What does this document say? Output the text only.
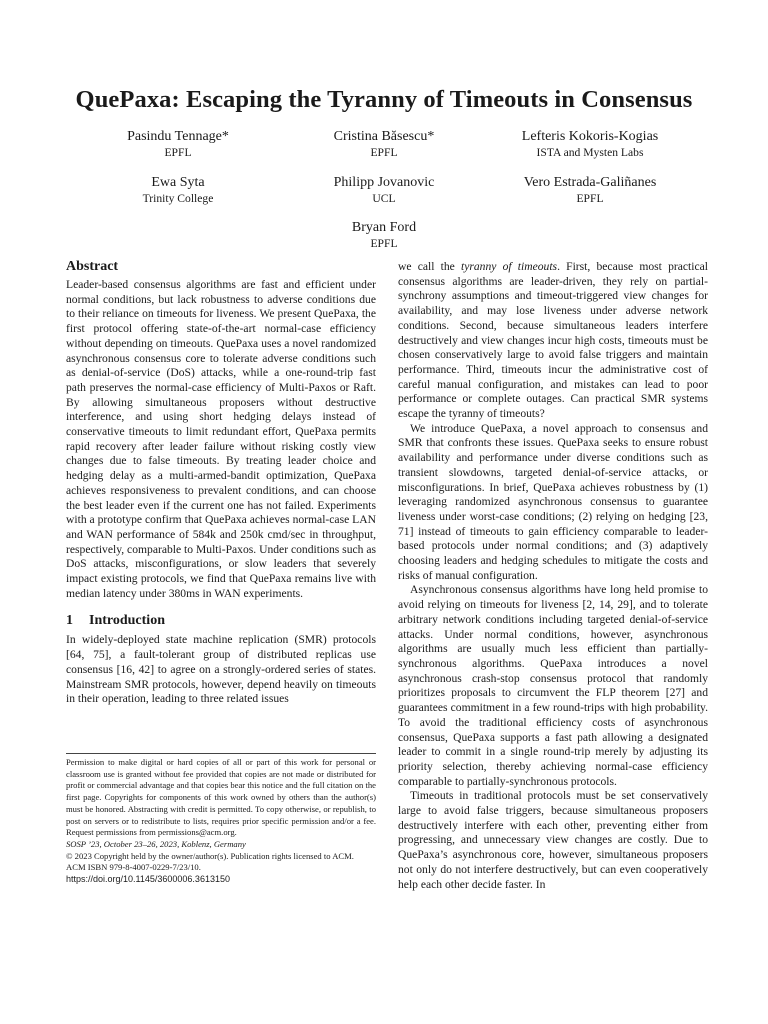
QuePaxa: Escaping the Tyranny of Timeouts in Consensus
Pasindu Tennage*
EPFL
Cristina Băsescu*
EPFL
Lefteris Kokoris-Kogias
ISTA and Mysten Labs
Ewa Syta
Trinity College
Philipp Jovanovic
UCL
Vero Estrada-Galiñanes
EPFL
Bryan Ford
EPFL
Abstract

Leader-based consensus algorithms are fast and efficient under normal conditions, but lack robustness to adverse conditions due to their reliance on timeouts for liveness. We present QuePaxa, the first protocol offering state-of-the-art normal-case efficiency without depending on timeouts. QuePaxa uses a novel randomized asynchronous consensus core to tolerate adverse conditions such as denial-of-service (DoS) attacks, while a one-round-trip fast path preserves the normal-case efficiency of Multi-Paxos or Raft. By allowing simultaneous proposers without destructive interference, and using short hedging delays instead of conservative timeouts to limit redundant effort, QuePaxa permits rapid recovery after leader failure without risking costly view changes due to false timeouts. By treating leader choice and hedging delay as a multi-armed-bandit optimization, QuePaxa achieves responsiveness to prevalent conditions, and can choose the best leader even if the current one has not failed. Experiments with a prototype confirm that QuePaxa achieves normal-case LAN and WAN performance of 584k and 250k cmd/sec in throughput, respectively, comparable to Multi-Paxos. Under conditions such as DoS attacks, misconfigurations, or slow leaders that severely impact existing protocols, we find that QuePaxa remains live with median latency under 380ms in WAN experiments.

1 Introduction

In widely-deployed state machine replication (SMR) protocols [64, 75], a fault-tolerant group of distributed replicas use consensus [16, 42] to agree on a strongly-ordered series of states. Mainstream SMR protocols, however, depend heavily on timeouts in their operation, leading to three related issues

Permission to make digital or hard copies of all or part of this work for personal or classroom use is granted without fee provided that copies are not made or distributed for profit or commercial advantage and that copies bear this notice and the full citation on the first page. Copyrights for components of this work owned by others than the author(s) must be honored. Abstracting with credit is permitted. To copy otherwise, or republish, to post on servers or to redistribute to lists, requires prior specific permission and/or a fee. Request permissions from permissions@acm.org.

SOSP ’23, October 23–26, 2023, Koblenz, Germany

© 2023 Copyright held by the owner/author(s). Publication rights licensed to ACM.

ACM ISBN 979-8-4007-0229-7/23/10.

https://doi.org/10.1145/3600006.3613150

we call the tyranny of timeouts. First, because most practical consensus algorithms are leader-driven, they rely on partial-synchrony assumptions and timeout-triggered view changes for availability, and may lose liveness under adverse network conditions. Second, because simultaneous leaders interfere destructively and view changes incur high costs, timeouts must be chosen conservatively large to avoid false triggers and maintain performance. Third, timeouts incur the administrative cost of careful manual configuration, and mistakes can lead to poor performance or complete outages. Can practical SMR systems escape the tyranny of timeouts?

We introduce QuePaxa, a novel approach to consensus and SMR that confronts these issues. QuePaxa seeks to ensure robust availability and performance under diverse conditions such as transient slowdowns, targeted denial-of-service attacks, or misconfigurations. In brief, QuePaxa achieves robustness by (1) leveraging randomized asynchronous consensus to guarantee liveness under worst-case conditions; (2) relying on hedging [23, 71] instead of timeouts to gain efficiency comparable to leader-based protocols under normal conditions; and (3) adaptively choosing leaders and hedging schedules to mitigate the costs and risks of manual configuration.

Asynchronous consensus algorithms have long held promise to avoid relying on timeouts for liveness [2, 14, 29], and to tolerate arbitrary network conditions including targeted denial-of-service attacks. Under normal conditions, however, asynchronous algorithms are usually much less efficient than partially-synchronous algorithms. QuePaxa introduces a novel asynchronous crash-stop consensus protocol that randomly prioritizes proposals to circumvent the FLP theorem [27] and guarantees commitment in a few round-trips with high probability. To avoid the traditional efficiency costs of asynchronous consensus, QuePaxa supports a fast path allowing a designated leader to commit in a single round-trip merely by adjusting its priority selection, thereby achieving normal-case efficiency comparable to partially-synchronous protocols.

Timeouts in traditional protocols must be set conservatively large to avoid false triggers, because simultaneous proposers destructively interfere with each other, preventing either from progressing, and unnecessary view changes are costly. Due to QuePaxa’s asynchronous core, however, simultaneous proposers not only do not interfere destructively, but can even cooperatively help each other decide faster. In
